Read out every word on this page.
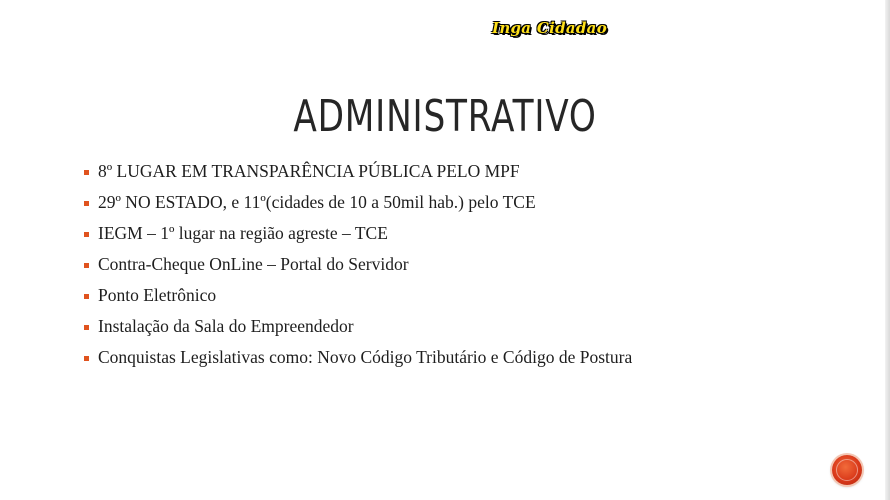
Inga Cidadao
ADMINISTRATIVO
8º LUGAR EM TRANSPARÊNCIA PÚBLICA PELO MPF
29º NO ESTADO, e 11º(cidades de 10 a 50mil hab.) pelo TCE
IEGM – 1º lugar na região agreste – TCE
Contra-Cheque OnLine – Portal do Servidor
Ponto Eletrônico
Instalação da Sala do Empreendedor
Conquistas Legislativas como: Novo Código Tributário e Código de Postura
